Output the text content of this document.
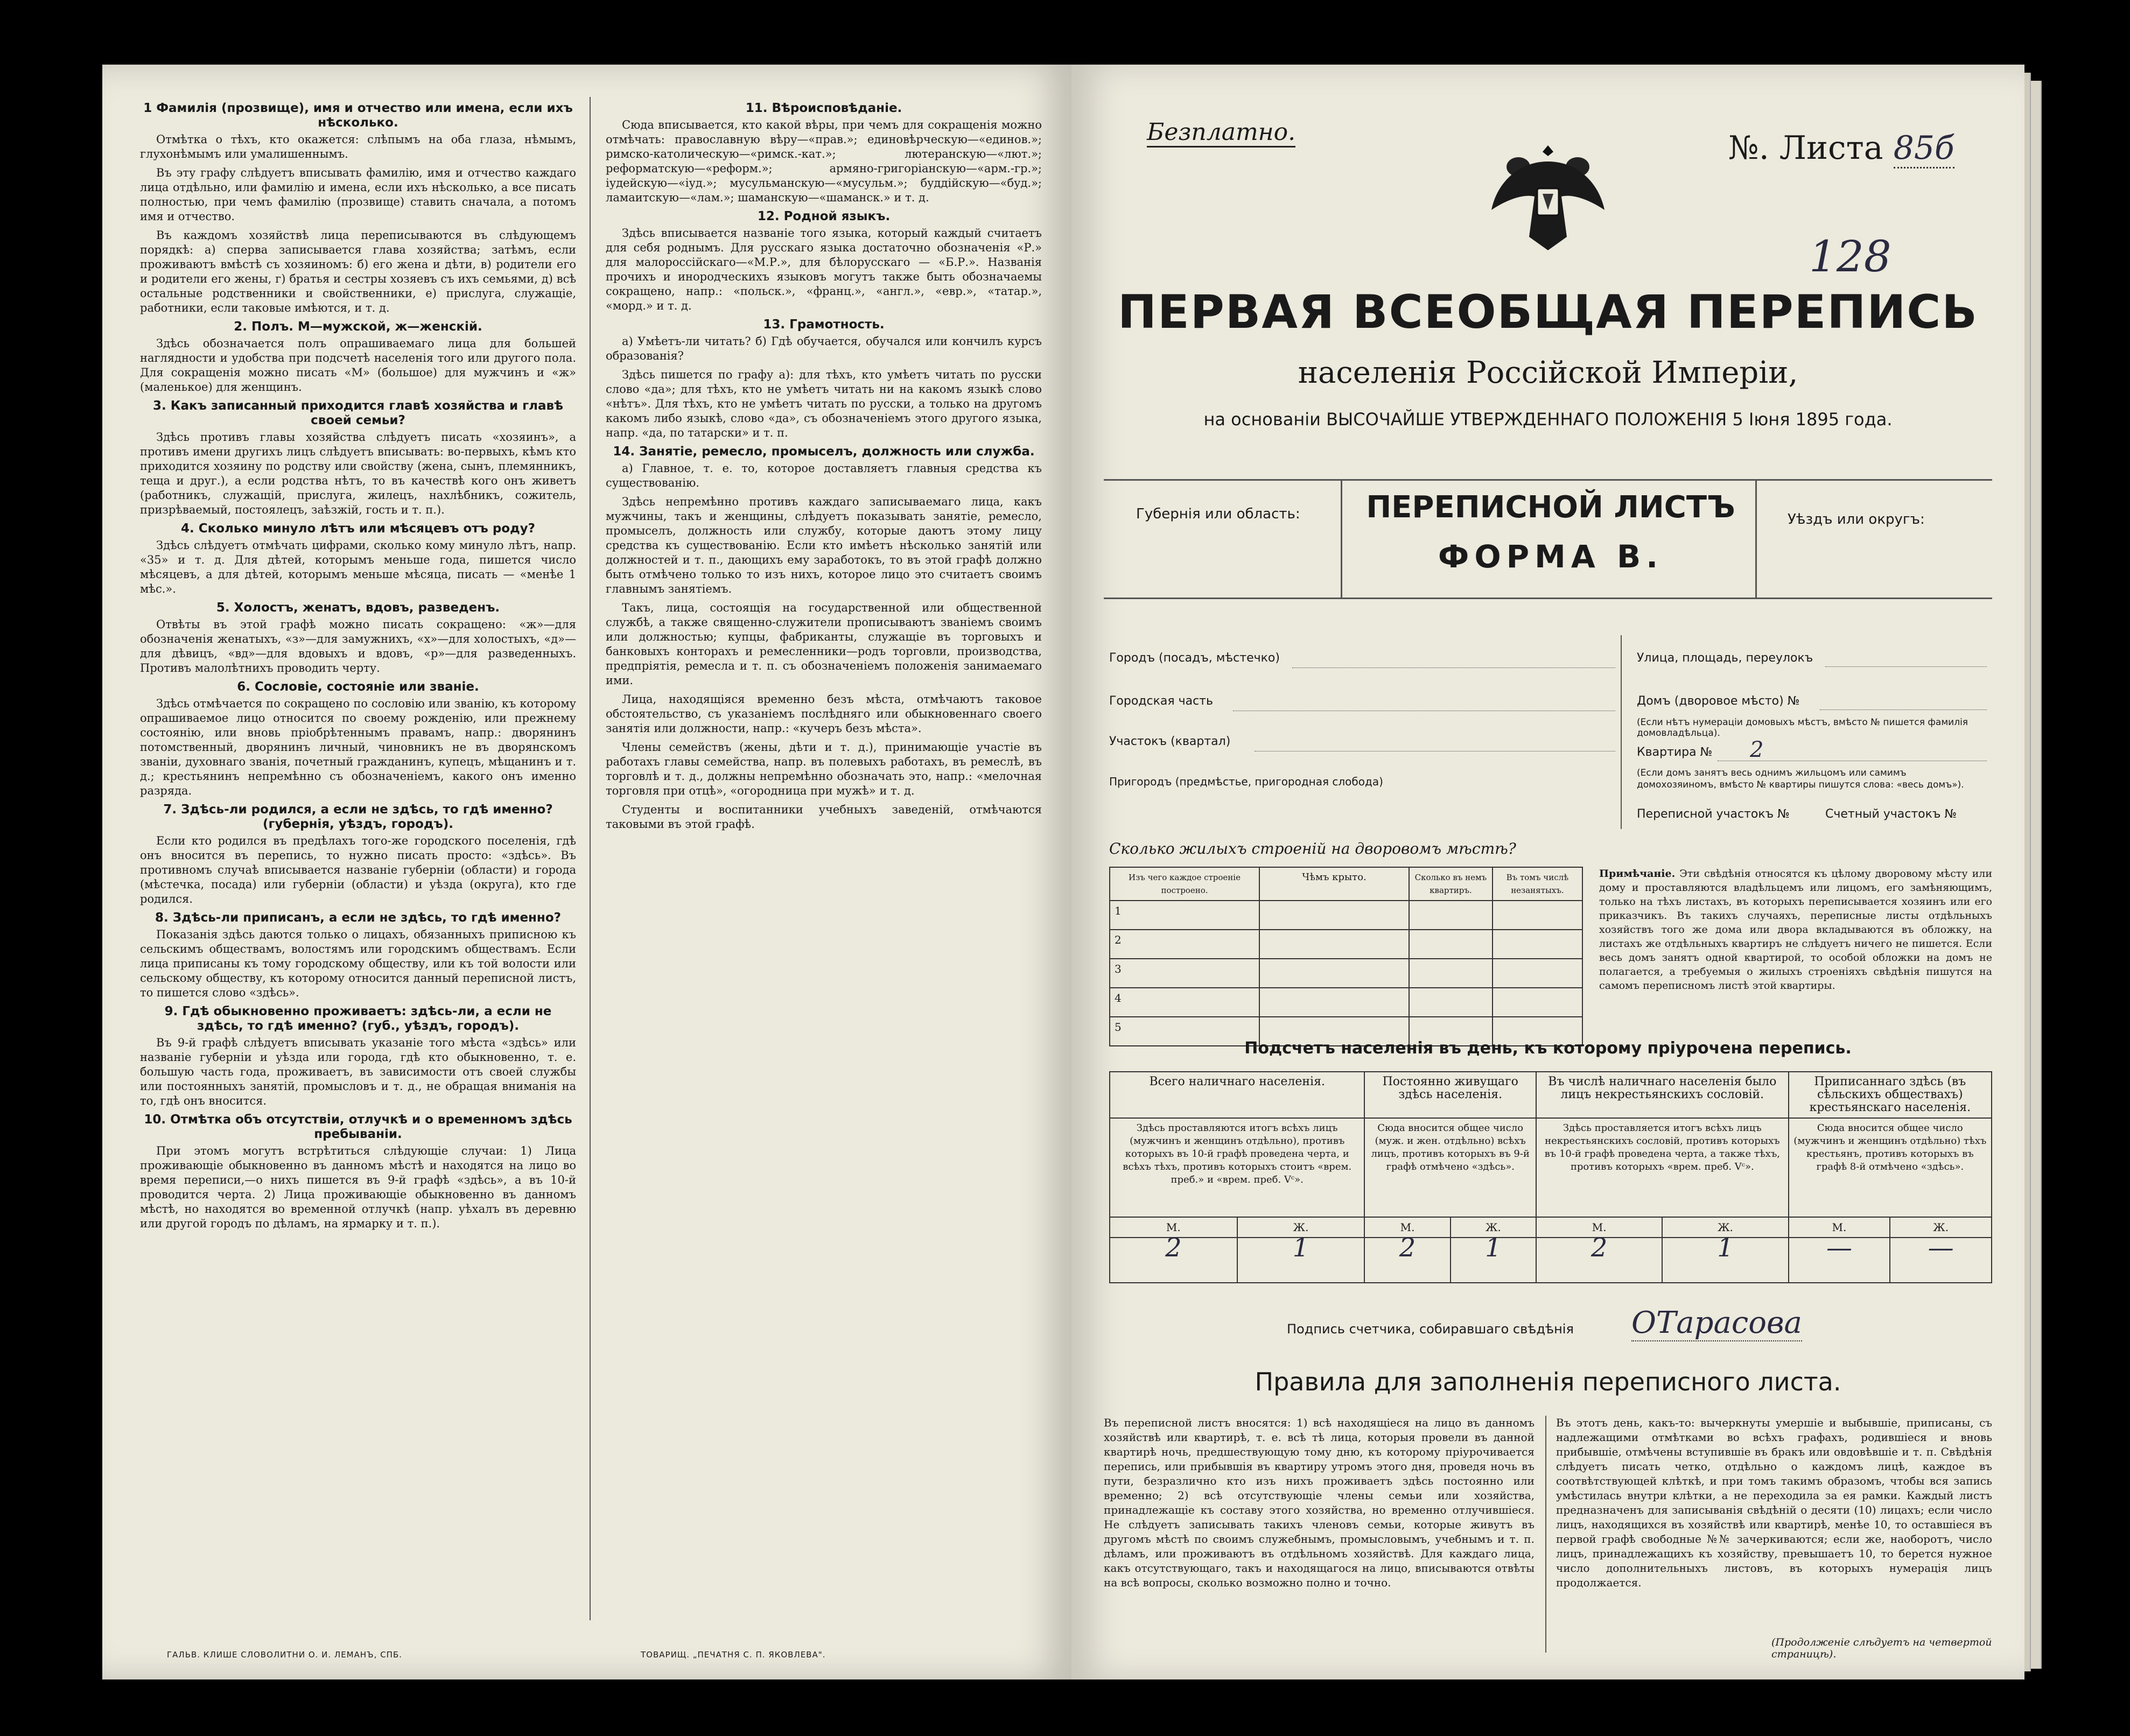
1 Фамилія (прозвище), имя и отчество или имена, если ихъ нѣсколько.

Отмѣтка о тѣхъ, кто окажется: слѣпымъ на оба глаза, нѣмымъ, глухонѣмымъ или умалишеннымъ.

Въ эту графу слѣдуетъ вписывать фамилію, имя и отчество каждаго лица отдѣльно, или фамилію и имена, если ихъ нѣсколько, а все писать полностью, при чемъ фамилію (прозвище) ставить сначала, а потомъ имя и отчество.

Въ каждомъ хозяйствѣ лица переписываются въ слѣдующемъ порядкѣ: а) сперва записывается глава хозяйства; затѣмъ, если проживаютъ вмѣстѣ съ хозяиномъ: б) его жена и дѣти, в) родители его и родители его жены, г) братья и сестры хозяевъ съ ихъ семьями, д) всѣ остальные родственники и свойственники, е) прислуга, служащіе, работники, если таковые имѣются, и т. д.

2. Полъ. М—мужской, ж—женскій.

Здѣсь обозначается полъ опрашиваемаго лица для большей наглядности и удобства при подсчетѣ населенія того или другого пола. Для сокращенія можно писать «М» (большое) для мужчинъ и «ж» (маленькое) для женщинъ.

3. Какъ записанный приходится главѣ хозяйства и главѣ своей семьи?

Здѣсь противъ главы хозяйства слѣдуетъ писать «хозяинъ», а противъ имени другихъ лицъ слѣдуетъ вписывать: во-первыхъ, кѣмъ кто приходится хозяину по родству или свойству (жена, сынъ, племянникъ, теща и друг.), а если родства нѣтъ, то въ качествѣ кого онъ живетъ (работникъ, служащій, прислуга, жилецъ, нахлѣбникъ, сожитель, призрѣваемый, постоялецъ, заѣзжій, гость и т. п.).

4. Сколько минуло лѣтъ или мѣсяцевъ отъ роду?

Здѣсь слѣдуетъ отмѣчать цифрами, сколько кому минуло лѣтъ, напр. «35» и т. д. Для дѣтей, которымъ меньше года, пишется число мѣсяцевъ, а для дѣтей, которымъ меньше мѣсяца, писать — «менѣе 1 мѣс.».

5. Холостъ, женатъ, вдовъ, разведенъ.

Отвѣты въ этой графѣ можно писать сокращено: «ж»—для обозначенія женатыхъ, «з»—для замужнихъ, «х»—для холостыхъ, «д»—для дѣвицъ, «вд»—для вдовыхъ и вдовъ, «р»—для разведенныхъ. Противъ малолѣтнихъ проводить черту.

6. Сословіе, состояніе или званіе.

Здѣсь отмѣчается по сокращено по сословію или званію, къ которому опрашиваемое лицо относится по своему рожденію, или прежнему состоянію, или вновь пріобрѣтеннымъ правамъ, напр.: дворянинъ потомственный, дворянинъ личный, чиновникъ не въ дворянскомъ званіи, духовнаго званія, почетный гражданинъ, купецъ, мѣщанинъ и т. д.; крестьянинъ непремѣнно съ обозначеніемъ, какого онъ именно разряда.

7. Здѣсь-ли родился, а если не здѣсь, то гдѣ именно? (губернія, уѣздъ, городъ).

Если кто родился въ предѣлахъ того-же городского поселенія, гдѣ онъ вносится въ перепись, то нужно писать просто: «здѣсь». Въ противномъ случаѣ вписывается названіе губерніи (области) и города (мѣстечка, посада) или губерніи (области) и уѣзда (округа), кто где родился.

8. Здѣсь-ли приписанъ, а если не здѣсь, то гдѣ именно?

Показанія здѣсь даются только о лицахъ, обязанныхъ приписною къ сельскимъ обществамъ, волостямъ или городскимъ обществамъ. Если лица приписаны къ тому городскому обществу, или къ той волости или сельскому обществу, къ которому относится данный переписной листъ, то пишется слово «здѣсь».

9. Гдѣ обыкновенно проживаетъ: здѣсь-ли, а если не здѣсь, то гдѣ именно? (губ., уѣздъ, городъ).

Въ 9-й графѣ слѣдуетъ вписывать указаніе того мѣста «здѣсь» или названіе губерніи и уѣзда или города, гдѣ кто обыкновенно, т. е. большую часть года, проживаетъ, въ зависимости отъ своей службы или постоянныхъ занятій, промысловъ и т. д., не обращая вниманія на то, гдѣ онъ вносится.

10. Отмѣтка объ отсутствіи, отлучкѣ и о временномъ здѣсь пребываніи.

При этомъ могутъ встрѣтиться слѣдующіе случаи: 1) Лица проживающіе обыкновенно въ данномъ мѣстѣ и находятся на лицо во время переписи,—о нихъ пишется въ 9-й графѣ «здѣсь», а въ 10-й проводится черта. 2) Лица проживающіе обыкновенно въ данномъ мѣстѣ, но находятся во временной отлучкѣ (напр. уѣхалъ въ деревню или другой городъ по дѣламъ, на ярмарку и т. п.).

11. Вѣроисповѣданіе.

Сюда вписывается, кто какой вѣры, при чемъ для сокращенія можно отмѣчать: православную вѣру—«прав.»; единовѣрческую—«единов.»; римско-католическую—«римск.-кат.»; лютеранскую—«лют.»; реформатскую—«реформ.»; армяно-григоріанскую—«арм.-гр.»; іудейскую—«іуд.»; мусульманскую—«мусульм.»; буддійскую—«буд.»; ламаитскую—«лам.»; шаманскую—«шаманск.» и т. д.

12. Родной языкъ.

Здѣсь вписывается названіе того языка, который каждый считаетъ для себя роднымъ. Для русскаго языка достаточно обозначенія «Р.» для малороссійскаго—«М.Р.», для бѣлорусскаго — «Б.Р.». Названія прочихъ и инородческихъ языковъ могутъ также быть обозначаемы сокращено, напр.: «польск.», «франц.», «англ.», «евр.», «татар.», «морд.» и т. д.

13. Грамотность.

а) Умѣетъ-ли читать? б) Гдѣ обучается, обучался или кончилъ курсъ образованія?

Здѣсь пишется по графу а): для тѣхъ, кто умѣетъ читать по русски слово «да»; для тѣхъ, кто не умѣетъ читать ни на какомъ языкѣ слово «нѣтъ». Для тѣхъ, кто не умѣетъ читать по русски, а только на другомъ какомъ либо языкѣ, слово «да», съ обозначеніемъ этого другого языка, напр. «да, по татарски» и т. п.

14. Занятіе, ремесло, промыселъ, должность или служба.

а) Главное, т. е. то, которое доставляетъ главныя средства къ существованію.

Здѣсь непремѣнно противъ каждаго записываемаго лица, какъ мужчины, такъ и женщины, слѣдуетъ показывать занятіе, ремесло, промыселъ, должность или службу, которые даютъ этому лицу средства къ существованію. Если кто имѣетъ нѣсколько занятій или должностей и т. п., дающихъ ему заработокъ, то въ этой графѣ должно быть отмѣчено только то изъ нихъ, которое лицо это считаетъ своимъ главнымъ занятіемъ.

Такъ, лица, состоящія на государственной или общественной службѣ, а также священно-служители прописываютъ званіемъ своимъ или должностью; купцы, фабриканты, служащіе въ торговыхъ и банковыхъ конторахъ и ремесленники—родъ торговли, производства, предпріятія, ремесла и т. п. съ обозначеніемъ положенія занимаемаго ими.

Лица, находящіяся временно безъ мѣста, отмѣчаютъ таковое обстоятельство, съ указаніемъ послѣдняго или обыкновеннаго своего занятія или должности, напр.: «кучеръ безъ мѣста».

Члены семействъ (жены, дѣти и т. д.), принимающіе участіе въ работахъ главы семейства, напр. въ полевыхъ работахъ, въ ремеслѣ, въ торговлѣ и т. д., должны непремѣнно обозначать это, напр.: «мелочная торговля при отцѣ», «огородница при мужѣ» и т. д.

Студенты и воспитанники учебныхъ заведеній, отмѣчаются таковыми въ этой графѣ.

ГАЛЬВ. КЛИШЕ СЛОВОЛИТНИ О. И. ЛЕМАНЪ, СПБ.	ТОВАРИЩ. „ПЕЧАТНЯ С. П. ЯКОВЛЕВА".
Безплатно.	№. Листа 85б
128
ПЕРВАЯ ВСЕОБЩАЯ ПЕРЕПИСЬ
населенія Россійской Имперіи,
на основаніи ВЫСОЧАЙШЕ УТВЕРЖДЕННАГО ПОЛОЖЕНІЯ 5 Іюня 1895 года.
Губернія или область:	ПЕРЕПИСНОЙ ЛИСТЪ
ФОРМА В.
Уѣздъ или округъ:
Городъ (посадъ, мѣстечко)
Городская часть
Участокъ (квартал)
Пригородъ (предмѣстье, пригородная слобода)
Улица, площадь, переулокъ
Домъ (дворовое мѣсто) №
(Если нѣтъ нумераціи домовыхъ мѣстъ, вмѣсто № пишется фамилія домовладѣльца).
Квартира № 2
(Если домъ занятъ весь однимъ жильцомъ или самимъ домохозяиномъ, вмѣсто № квартиры пишутся слова: «весь домъ»).
Переписной участокъ №	Счетный участокъ №
Сколько жилыхъ строеній на дворовомъ мѣстѣ?
Изъ чего каждое строеніе построено.	Чѣмъ крыто.	Сколько въ немъ квартиръ.	Въ томъ числѣ незанятыхъ.
1			
2			
3			
4			
5			
Примѣчаніе. Эти свѣдѣнія относятся къ цѣлому дворовому мѣсту или дому и проставляются владѣльцемъ или лицомъ, его замѣняющимъ, только на тѣхъ листахъ, въ которыхъ переписывается хозяинъ или его приказчикъ. Въ такихъ случаяхъ, переписные листы отдѣльныхъ хозяйствъ того же дома или двора вкладываются въ обложку, на листахъ же отдѣльныхъ квартиръ не слѣдуетъ ничего не пишется. Если весь домъ занятъ одной квартирой, то особой обложки на домъ не полагается, а требуемыя о жилыхъ строеніяхъ свѣдѣнія пишутся на самомъ переписномъ листѣ этой квартиры.
Подсчетъ населенія въ день, къ которому пріурочена перепись.
Всего наличнаго населенія.		Постоянно живущаго здѣсь населенія.		Въ числѣ наличнаго населенія было лицъ некрестьянскихъ сословій.		Приписаннаго здѣсь (въ сѣльскихъ обществахъ) крестьянскаго населенія.	
Здѣсь проставляются итогъ всѣхъ лицъ (мужчинъ и женщинъ отдѣльно), противъ которыхъ въ 10-й графѣ проведена черта, и всѣхъ тѣхъ, противъ которыхъ стоитъ «врем. преб.» и «врем. преб. Vᶜ».		Сюда вносится общее число (муж. и жен. отдѣльно) всѣхъ лицъ, противъ которыхъ въ 9-й графѣ отмѣчено «здѣсь».		Здѣсь проставляется итогъ всѣхъ лицъ некрестьянскихъ сословій, противъ которыхъ въ 10-й графѣ проведена черта, а также тѣхъ, противъ которыхъ «врем. преб. Vᶜ».		Сюда вносится общее число (мужчинъ и женщинъ отдѣльно) тѣхъ крестьянъ, противъ которыхъ въ графѣ 8-й отмѣчено «здѣсь».	
М.	Ж.	М.	Ж.	М.	Ж.	М.	Ж.
2	1	2	1	2	1	—	—
Подпись счетчика, собиравшаго свѣдѣнія ОТарасова
Правила для заполненія переписного листа.
Въ переписной листъ вносятся: 1) всѣ находящіеся на лицо въ данномъ хозяйствѣ или квартирѣ, т. е. всѣ тѣ лица, которыя провели въ данной квартирѣ ночь, предшествующую тому дню, къ которому пріурочивается перепись, или прибывшія въ квартиру утромъ этого дня, проведя ночь въ пути, безразлично кто изъ нихъ проживаетъ здѣсь постоянно или временно; 2) всѣ отсутствующіе члены семьи или хозяйства, принадлежащіе къ составу этого хозяйства, но временно отлучившіеся. Не слѣдуетъ записывать такихъ членовъ семьи, которые живутъ въ другомъ мѣстѣ по своимъ служебнымъ, промысловымъ, учебнымъ и т. п. дѣламъ, или проживаютъ въ отдѣльномъ хозяйствѣ. Для каждаго лица, какъ отсутствующаго, такъ и находящагося на лицо, вписываются отвѣты на всѣ вопросы, сколько возможно полно и точно.
Въ этотъ день, какъ-то: вычеркнуты умершіе и выбывшіе, приписаны, съ надлежащими отмѣтками во всѣхъ графахъ, родившіеся и вновь прибывшіе, отмѣчены вступившіе въ бракъ или овдовѣвшіе и т. п. Свѣдѣнія слѣдуетъ писать четко, отдѣльно о каждомъ лицѣ, каждое въ соотвѣтствующей клѣткѣ, и при томъ такимъ образомъ, чтобы вся запись умѣстилась внутри клѣтки, а не переходила за ея рамки. Каждый листъ предназначенъ для записыванія свѣдѣній о десяти (10) лицахъ; если число лицъ, находящихся въ хозяйствѣ или квартирѣ, менѣе 10, то оставшіеся въ первой графѣ свободные №№ зачеркиваются; если же, наоборотъ, число лицъ, принадлежащихъ къ хозяйству, превышаетъ 10, то берется нужное число дополнительныхъ листовъ, въ которыхъ нумерація лицъ продолжается.
(Продолженіе слѣдуетъ на четвертой страницѣ).
